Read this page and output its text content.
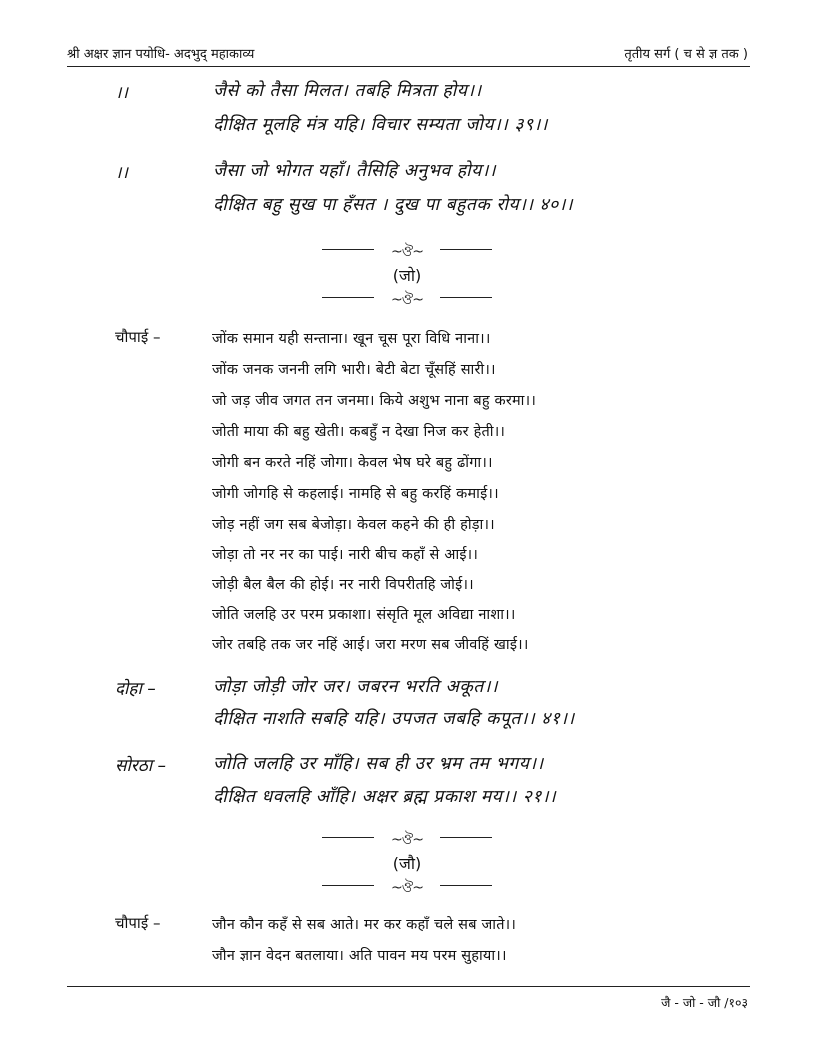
श्री अक्षर ज्ञान पयोधि- अदभुद् महाकाव्य	तृतीय सर्ग ( च से ज्ञ तक )
।।	जैसे को तैसा मिलत। तबहि मित्रता होय।।
दीक्षित मूलहि मंत्र यहि। विचार सम्यता जोय।। ३९।।
।।	जैसा जो भोगत यहाँ। तैसिहि अनुभव होय।।
दीक्षित बहु सुख पा हँसत । दुख पा बहुतक रोय।। ४०।।
~ঔ~
(जो)
~ঔ~
चौपाई –	जोंक समान यही सन्ताना। खून चूस पूरा विधि नाना।।
जोंक जनक जननी लगि भारी। बेटी बेटा चूँसहिं सारी।।
जो जड़ जीव जगत तन जनमा। किये अशुभ नाना बहु करमा।।
जोती माया की बहु खेती। कबहुँ न देखा निज कर हेती।।
जोगी बन करते नहिं जोगा। केवल भेष घरे बहु ढोंगा।।
जोगी जोगहि से कहलाई। नामहि से बहु करहिं कमाई।।
जोड़ नहीं जग सब बेजोड़ा। केवल कहने की ही होड़ा।।
जोड़ा तो नर नर का पाई। नारी बीच कहाँ से आई।।
जोड़ी बैल बैल की होई। नर नारी विपरीतहि जोई।।
जोति जलहि उर परम प्रकाशा। संसृति मूल अविद्या नाशा।।
जोर तबहि तक जर नहिं आई। जरा मरण सब जीवहिं खाई।।
दोहा –	जोड़ा जोड़ी जोर जर। जबरन भरति अकूत।।
दीक्षित नाशति सबहि यहि। उपजत जबहि कपूत।। ४१।।
सोरठा –	जोति जलहि उर माँहि। सब ही उर भ्रम तम भगय।।
दीक्षित धवलहि आँहि। अक्षर ब्रह्म प्रकाश मय।। २१।।
~ঔ~
(जौ)
~ঔ~
चौपाई –	जौन कौन कहँ से सब आते। मर कर कहाँ चले सब जाते।।
जौन ज्ञान वेदन बतलाया। अति पावन मय परम सुहाया।।
जै - जो - जौ /१०३
